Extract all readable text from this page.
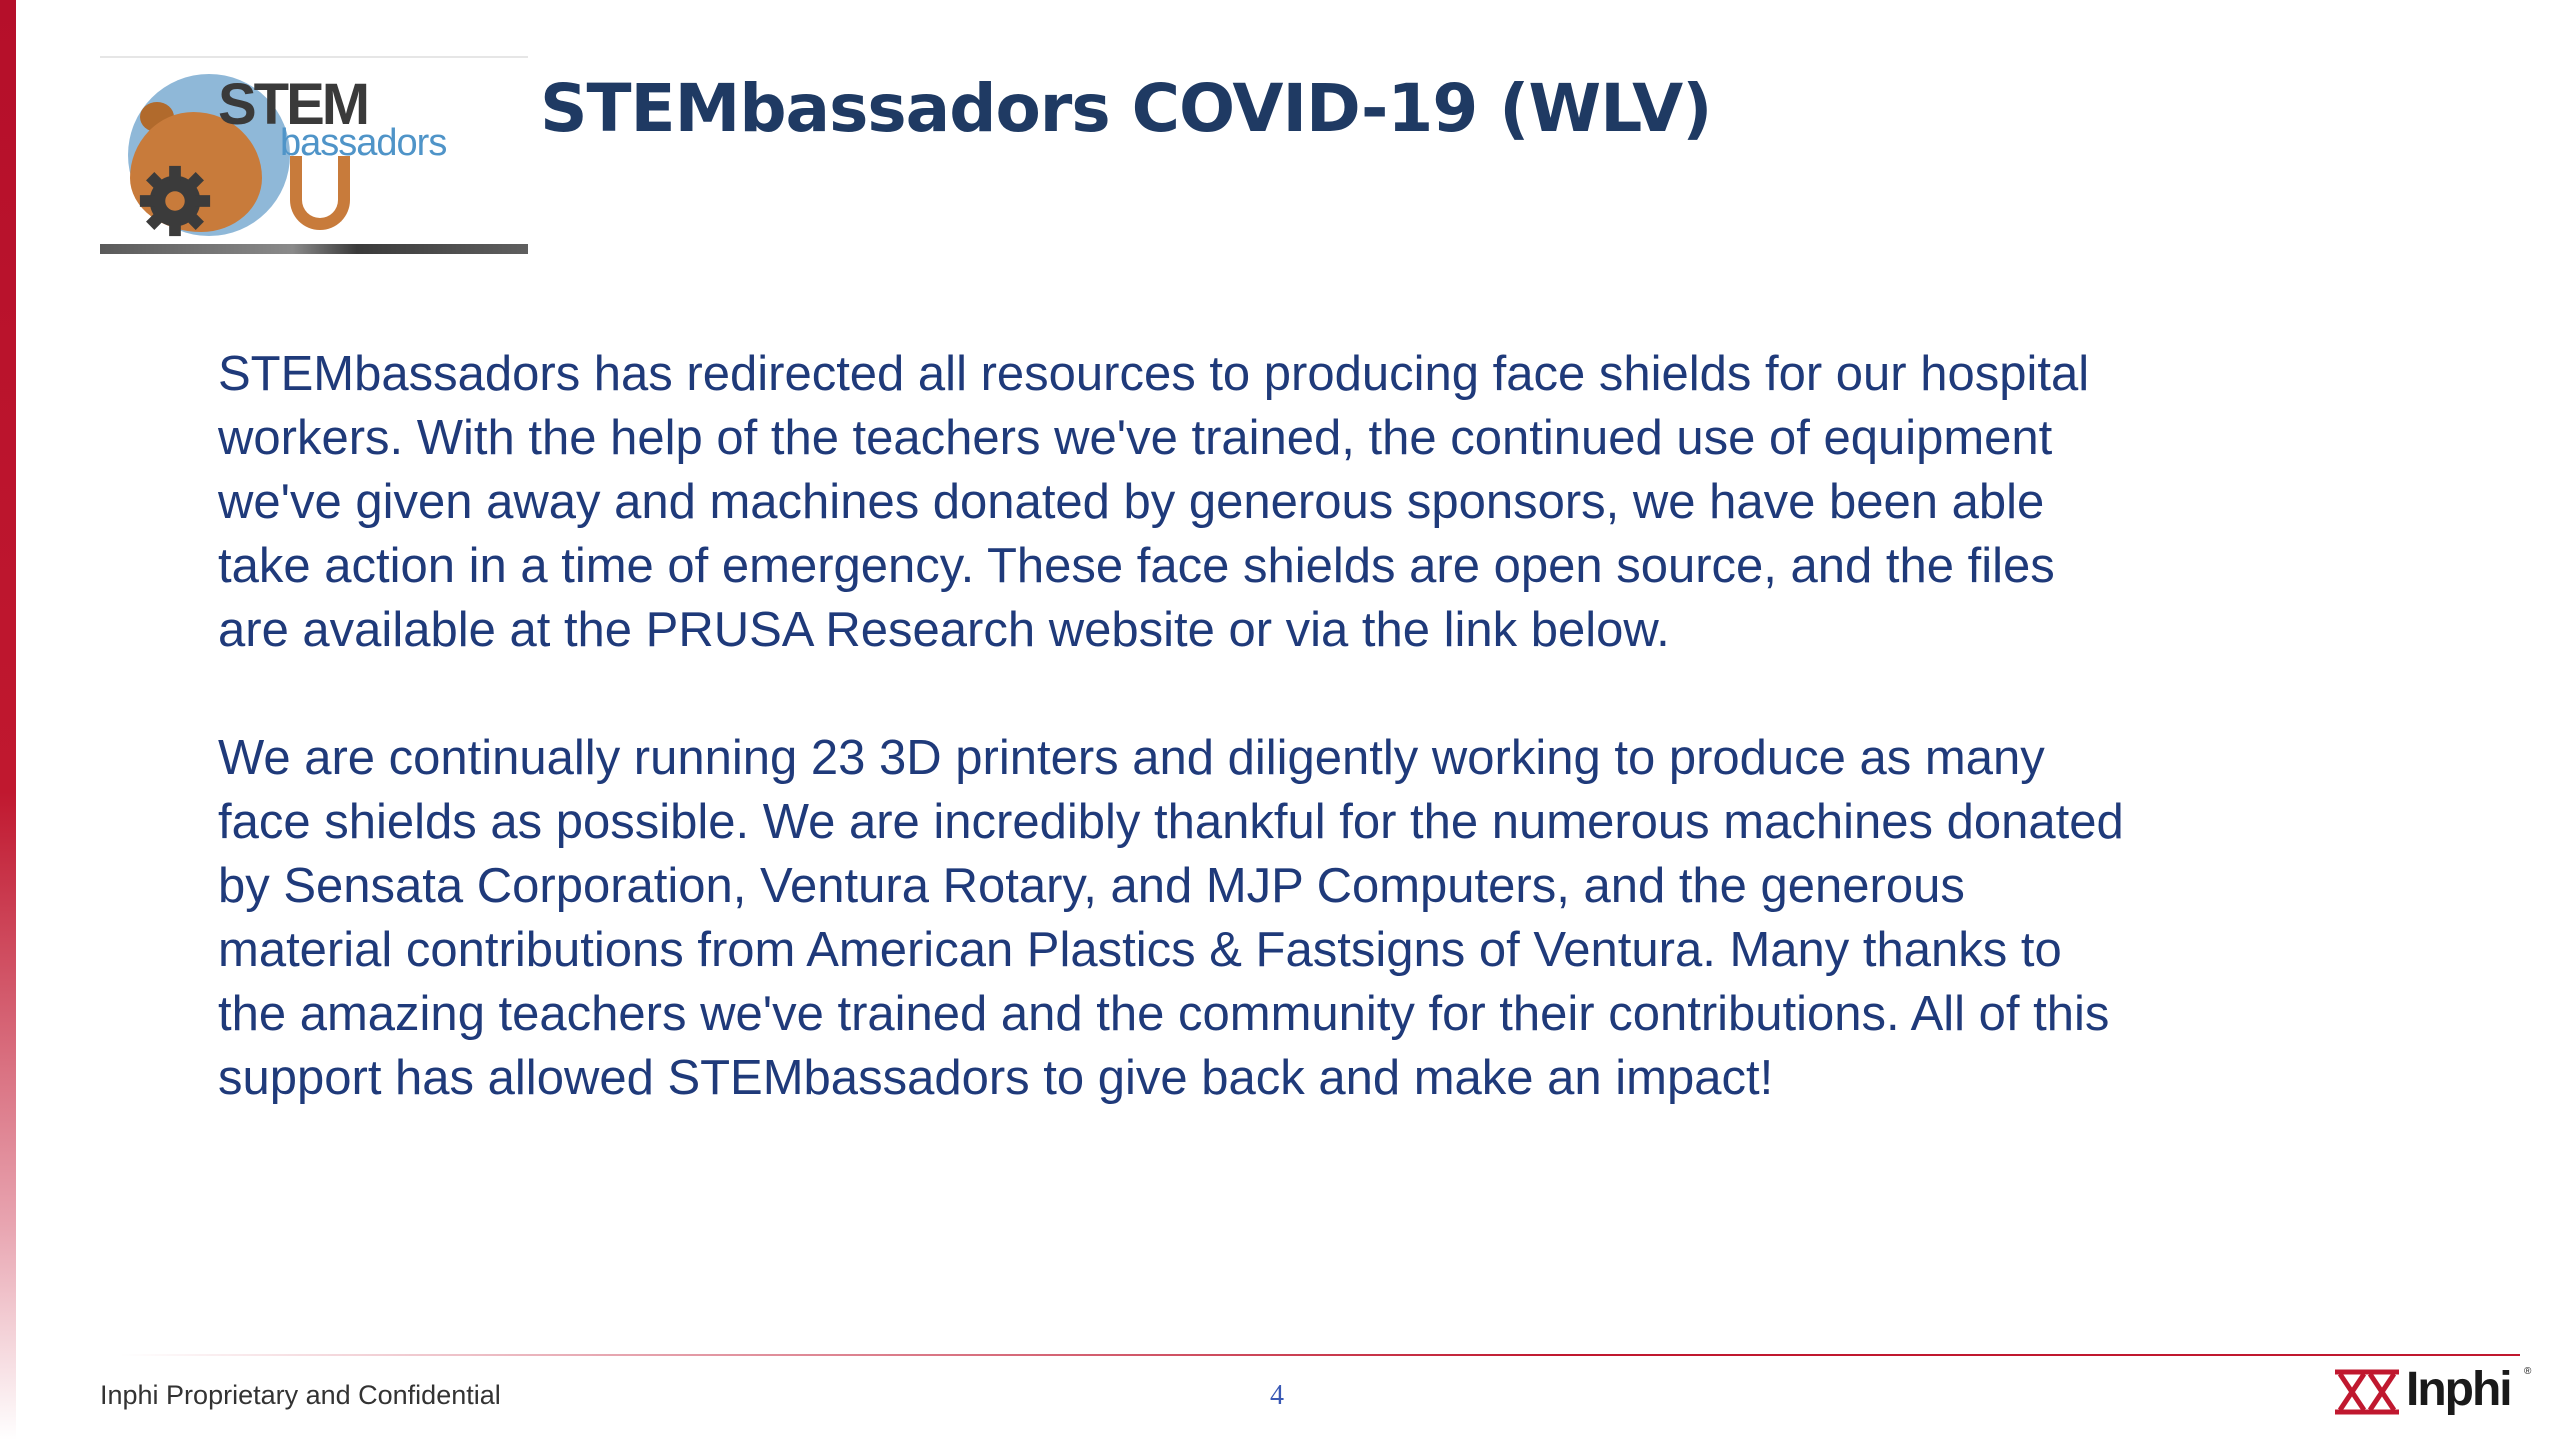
STEM
bassadors STEMbassadors COVID-19 (WLV)

STEMbassadors has redirected all resources to producing face shields for our hospital
workers. With the help of the teachers we've trained, the continued use of equipment
we've given away and machines donated by generous sponsors, we have been able
take action in a time of emergency. These face shields are open source, and the files
are available at the PRUSA Research website or via the link below.

We are continually running 23 3D printers and diligently working to produce as many
face shields as possible. We are incredibly thankful for the numerous machines donated
by Sensata Corporation, Ventura Rotary, and MJP Computers, and the generous
material contributions from American Plastics & Fastsigns of Ventura. Many thanks to
the amazing teachers we've trained and the community for their contributions. All of this
support has allowed STEMbassadors to give back and make an impact!

Inphi Proprietary and Confidential	4	Inphi ®
